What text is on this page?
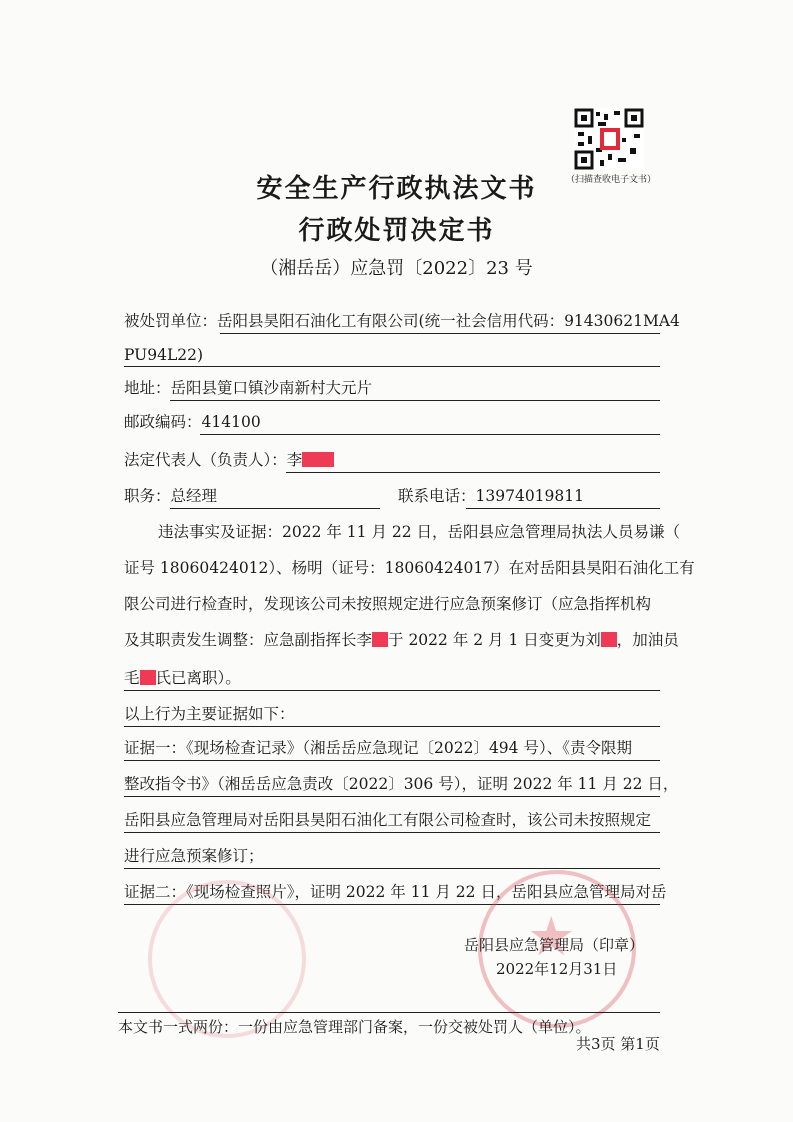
（扫描查收电子文书）
安全生产行政执法文书
行政处罚决定书
（湘岳岳）应急罚〔2022〕23 号
被处罚单位：岳阳县昊阳石油化工有限公司(统一社会信用代码：91430621MA4
PU94L22)
地址：岳阳县筻口镇沙南新村大元片
邮政编码：414100
法定代表人（负责人）：李
职务：总经理	联系电话：13974019811
违法事实及证据：2022 年 11 月 22 日，岳阳县应急管理局执法人员易谦（
证号 18060424012）、杨明（证号：18060424017）在对岳阳县昊阳石油化工有
限公司进行检查时，发现该公司未按照规定进行应急预案修订（应急指挥机构
及其职责发生调整：应急副指挥长李 于 2022 年 2 月 1 日变更为刘 ，加油员
毛 氏已离职）。
以上行为主要证据如下：
证据一：《现场检查记录》（湘岳岳应急现记〔2022〕494 号）、《责令限期
整改指令书》（湘岳岳应急责改〔2022〕306 号），证明 2022 年 11 月 22 日，
岳阳县应急管理局对岳阳县昊阳石油化工有限公司检查时，该公司未按照规定
进行应急预案修订；
证据二：《现场检查照片》，证明 2022 年 11 月 22 日，岳阳县应急管理局对岳
★
岳阳县应急管理局（印章）
2022年12月31日
本文书一式两份：一份由应急管理部门备案，一份交被处罚人（单位）。
共3页 第1页
